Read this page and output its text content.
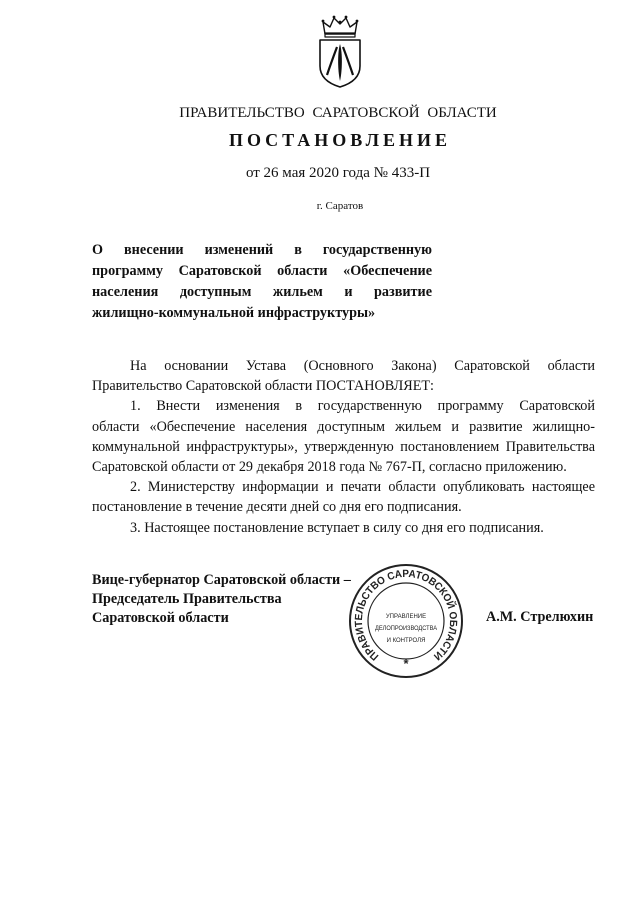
ПРАВИТЕЛЬСТВО САРАТОВСКОЙ ОБЛАСТИ
ПОСТАНОВЛЕНИЕ
от 26 мая 2020 года № 433-П
г. Саратов
О внесении изменений в государственную
программу Саратовской области «Обеспечение
населения доступным жильем и развитие
жилищно-коммунальной инфраструктуры»
На основании Устава (Основного Закона) Саратовской области
Правительство Саратовской области ПОСТАНОВЛЯЕТ:
1. Внести изменения в государственную программу Саратовской
области «Обеспечение населения доступным жильем и развитие жилищно-
коммунальной инфраструктуры», утвержденную постановлением Правительства
Саратовской области от 29 декабря 2018 года № 767-П, согласно приложению.
2. Министерству информации и печати области опубликовать настоящее
постановление в течение десяти дней со дня его подписания.
3. Настоящее постановление вступает в силу со дня его подписания.
Вице-губернатор Саратовской области –
Председатель Правительства
Саратовской области
ПРАВИТЕЛЬСТВО САРАТОВСКОЙ ОБЛАСТИ
УПРАВЛЕНИЕ
ДЕЛОПРОИЗВОДСТВА
И КОНТРОЛЯ
*
А.М. Стрелюхин
